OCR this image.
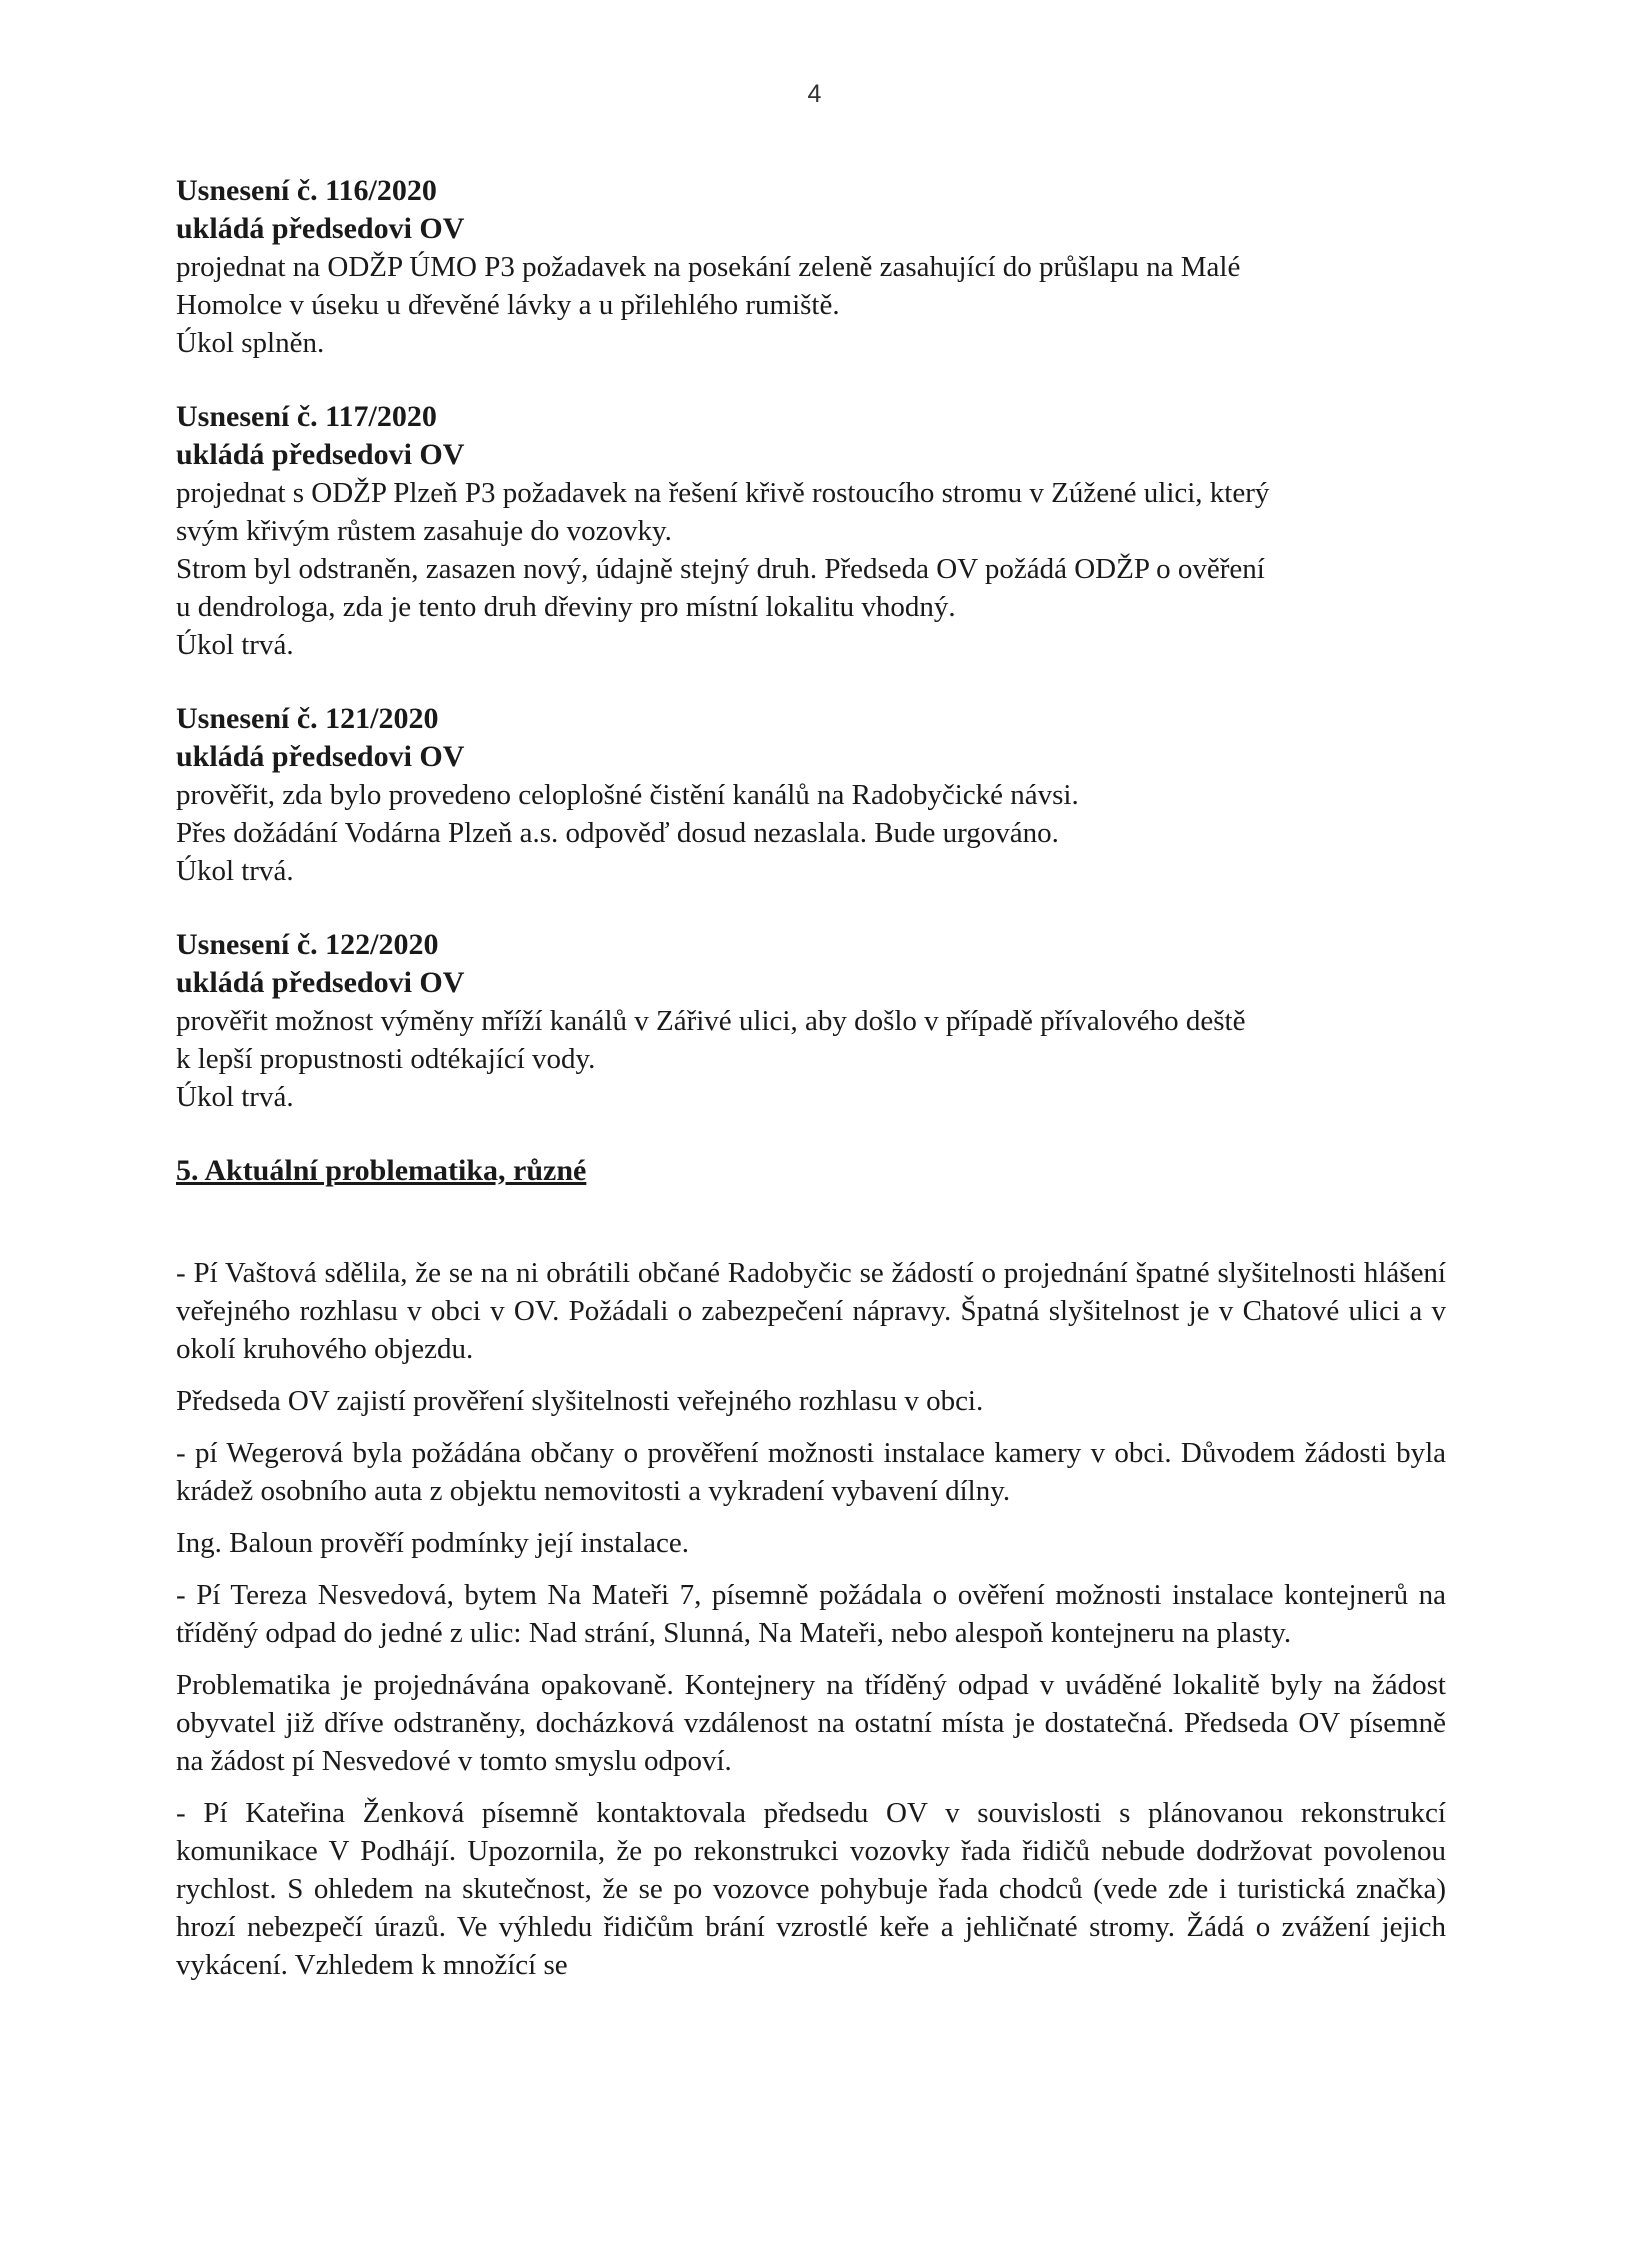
4
Usnesení č. 116/2020
ukládá předsedovi OV
projednat na ODŽP ÚMO P3 požadavek na posekání zeleně zasahující do průšlapu na Malé
Homolce v úseku u dřevěné lávky a u přilehlého rumiště.
Úkol splněn.
Usnesení č. 117/2020
ukládá předsedovi OV
projednat s ODŽP Plzeň P3 požadavek na řešení křivě rostoucího stromu v Zúžené ulici, který
svým křivým růstem zasahuje do vozovky.
Strom byl odstraněn, zasazen nový, údajně stejný druh. Předseda OV požádá ODŽP o ověření
u dendrologa, zda je tento druh dřeviny pro místní lokalitu vhodný.
Úkol trvá.
Usnesení č. 121/2020
ukládá předsedovi OV
prověřit, zda bylo provedeno celoplošné čistění kanálů na Radobyčické návsi.
Přes dožádání Vodárna Plzeň a.s. odpověď dosud nezaslala. Bude urgováno.
Úkol trvá.
Usnesení č. 122/2020
ukládá předsedovi OV
prověřit možnost výměny mříží kanálů v Zářivé ulici, aby došlo v případě přívalového deště
k lepší propustnosti odtékající vody.
Úkol trvá.
5. Aktuální problematika, různé
- Pí Vaštová sdělila, že se na ni obrátili občané Radobyčic se žádostí o projednání špatné slyšitelnosti hlášení veřejného rozhlasu v obci v OV. Požádali o zabezpečení nápravy. Špatná slyšitelnost je v Chatové ulici a v okolí kruhového objezdu.
Předseda OV zajistí prověření slyšitelnosti veřejného rozhlasu v obci.
- pí Wegerová byla požádána občany o prověření možnosti instalace kamery v obci. Důvodem žádosti byla krádež osobního auta z objektu nemovitosti a vykradení vybavení dílny.
Ing. Baloun prověří podmínky její instalace.
- Pí Tereza Nesvedová, bytem Na Mateři 7, písemně požádala o ověření možnosti instalace kontejnerů na tříděný odpad do jedné z ulic: Nad strání, Slunná, Na Mateři, nebo alespoň kontejneru na plasty.
Problematika je projednávána opakovaně. Kontejnery na tříděný odpad v uváděné lokalitě byly na žádost obyvatel již dříve odstraněny, docházková vzdálenost na ostatní místa je dostatečná. Předseda OV písemně na žádost pí Nesvedové v tomto smyslu odpoví.
- Pí Kateřina Ženková písemně kontaktovala předsedu OV v souvislosti s plánovanou rekonstrukcí komunikace V Podhájí. Upozornila, že po rekonstrukci vozovky řada řidičů nebude dodržovat povolenou rychlost. S ohledem na skutečnost, že se po vozovce pohybuje řada chodců (vede zde i turistická značka) hrozí nebezpečí úrazů. Ve výhledu řidičům brání vzrostlé keře a jehličnaté stromy. Žádá o zvážení jejich vykácení. Vzhledem k množící se
